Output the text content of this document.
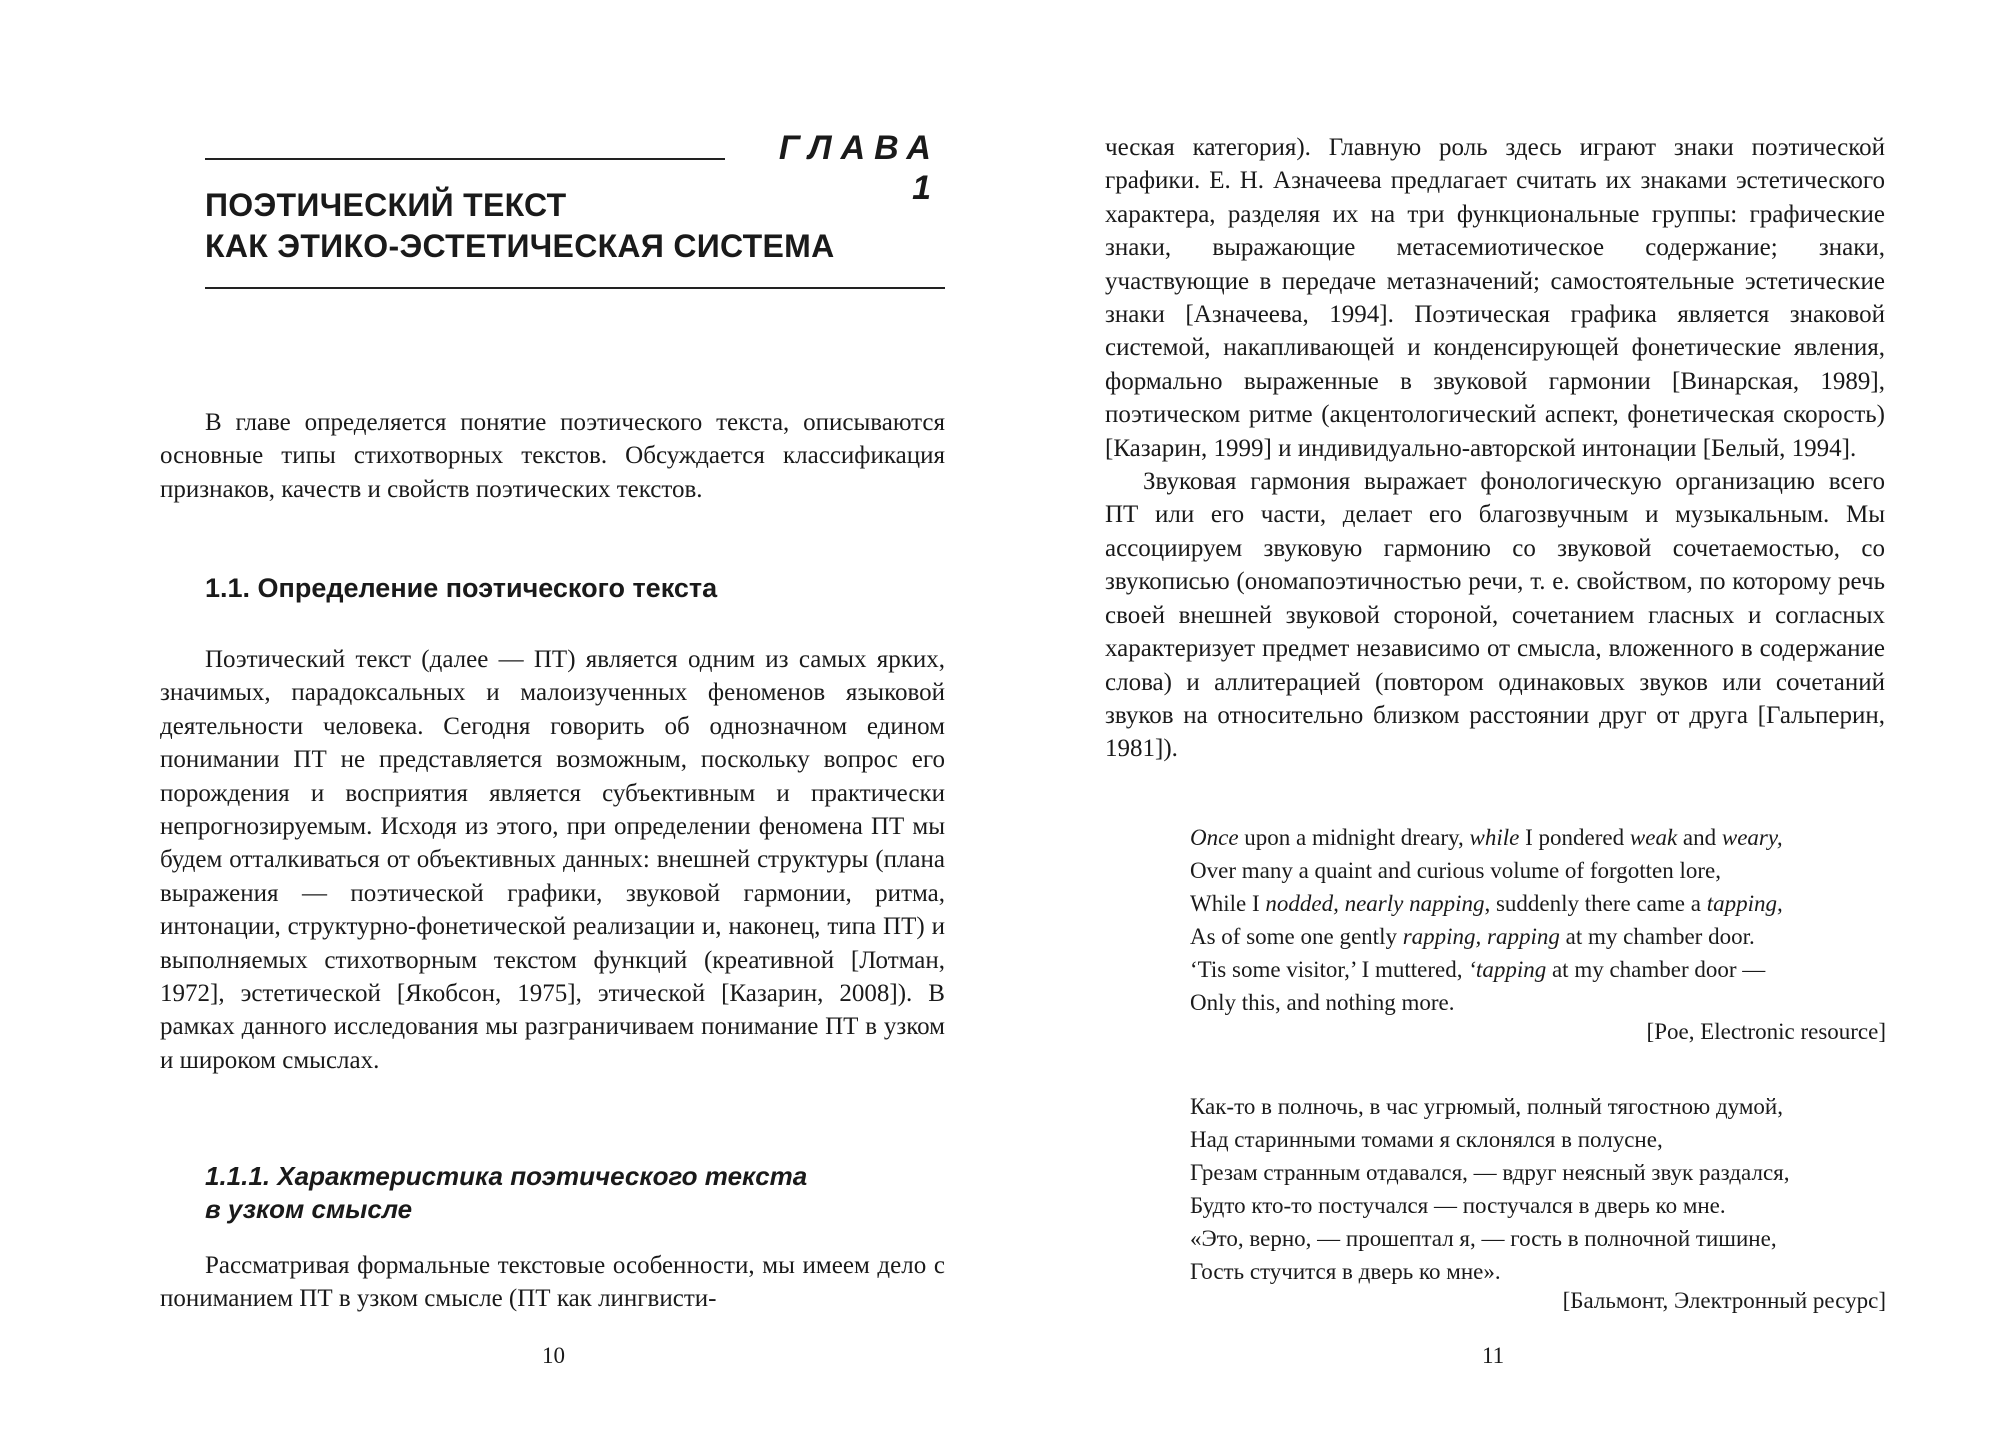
ГЛАВА 1
ПОЭТИЧЕСКИЙ ТЕКСТ
КАК ЭТИКО-ЭСТЕТИЧЕСКАЯ СИСТЕМА

В главе определяется понятие поэтического текста, описываются основные типы стихотворных текстов. Обсуждается классификация признаков, качеств и свойств поэтических текстов.

1.1. Определение поэтического текста

Поэтический текст (далее — ПТ) является одним из самых ярких, значимых, парадоксальных и малоизученных феноменов языковой деятельности человека. Сегодня говорить об однозначном едином понимании ПТ не представляется возможным, поскольку вопрос его порождения и восприятия является субъективным и практически непрогнозируемым. Исходя из этого, при определении феномена ПТ мы будем отталкиваться от объективных данных: внешней структуры (плана выражения — поэтической графики, звуковой гармонии, ритма, интонации, структурно-фонетической реализации и, наконец, типа ПТ) и выполняемых стихотворным текстом функций (креативной [Лотман, 1972], эстетической [Якобсон, 1975], этической [Казарин, 2008]). В рамках данного исследования мы разграничиваем понимание ПТ в узком и широком смыслах.

1.1.1. Характеристика поэтического текста
в узком смысле

Рассматривая формальные текстовые особенности, мы имеем дело с пониманием ПТ в узком смысле (ПТ как лингвисти-

10

ческая категория). Главную роль здесь играют знаки поэтической графики. Е. Н. Азначеева предлагает считать их знаками эстетического характера, разделяя их на три функциональные группы: графические знаки, выражающие метасемиотическое содержание; знаки, участвующие в передаче метазначений; самостоятельные эстетические знаки [Азначеева, 1994]. Поэтическая графика является знаковой системой, накапливающей и конденсирующей фонетические явления, формально выраженные в звуковой гармонии [Винарская, 1989], поэтическом ритме (акцентологический аспект, фонетическая скорость) [Казарин, 1999] и индивидуально-авторской интонации [Белый, 1994].

Звуковая гармония выражает фонологическую организацию всего ПТ или его части, делает его благозвучным и музыкальным. Мы ассоциируем звуковую гармонию со звуковой сочетаемостью, со звукописью (ономапоэтичностью речи, т. е. свойством, по которому речь своей внешней звуковой стороной, сочетанием гласных и согласных характеризует предмет независимо от смысла, вложенного в содержание слова) и аллитерацией (повтором одинаковых звуков или сочетаний звуков на относительно близком расстоянии друг от друга [Гальперин, 1981]).

Once upon a midnight dreary, while I pondered weak and weary,
Over many a quaint and curious volume of forgotten lore,
While I nodded, nearly napping, suddenly there came a tapping,
As of some one gently rapping, rapping at my chamber door.
‘Tis some visitor,’ I muttered, ‘tapping at my chamber door —
Only this, and nothing more.
[Poe, Electronic resource]
Как-то в полночь, в час угрюмый, полный тягостною думой,
Над старинными томами я склонялся в полусне,
Грезам странным отдавался, — вдруг неясный звук раздался,
Будто кто-то постучался — постучался в дверь ко мне.
«Это, верно, — прошептал я, — гость в полночной тишине,
Гость стучится в дверь ко мне».
[Бальмонт, Электронный ресурс]
11
